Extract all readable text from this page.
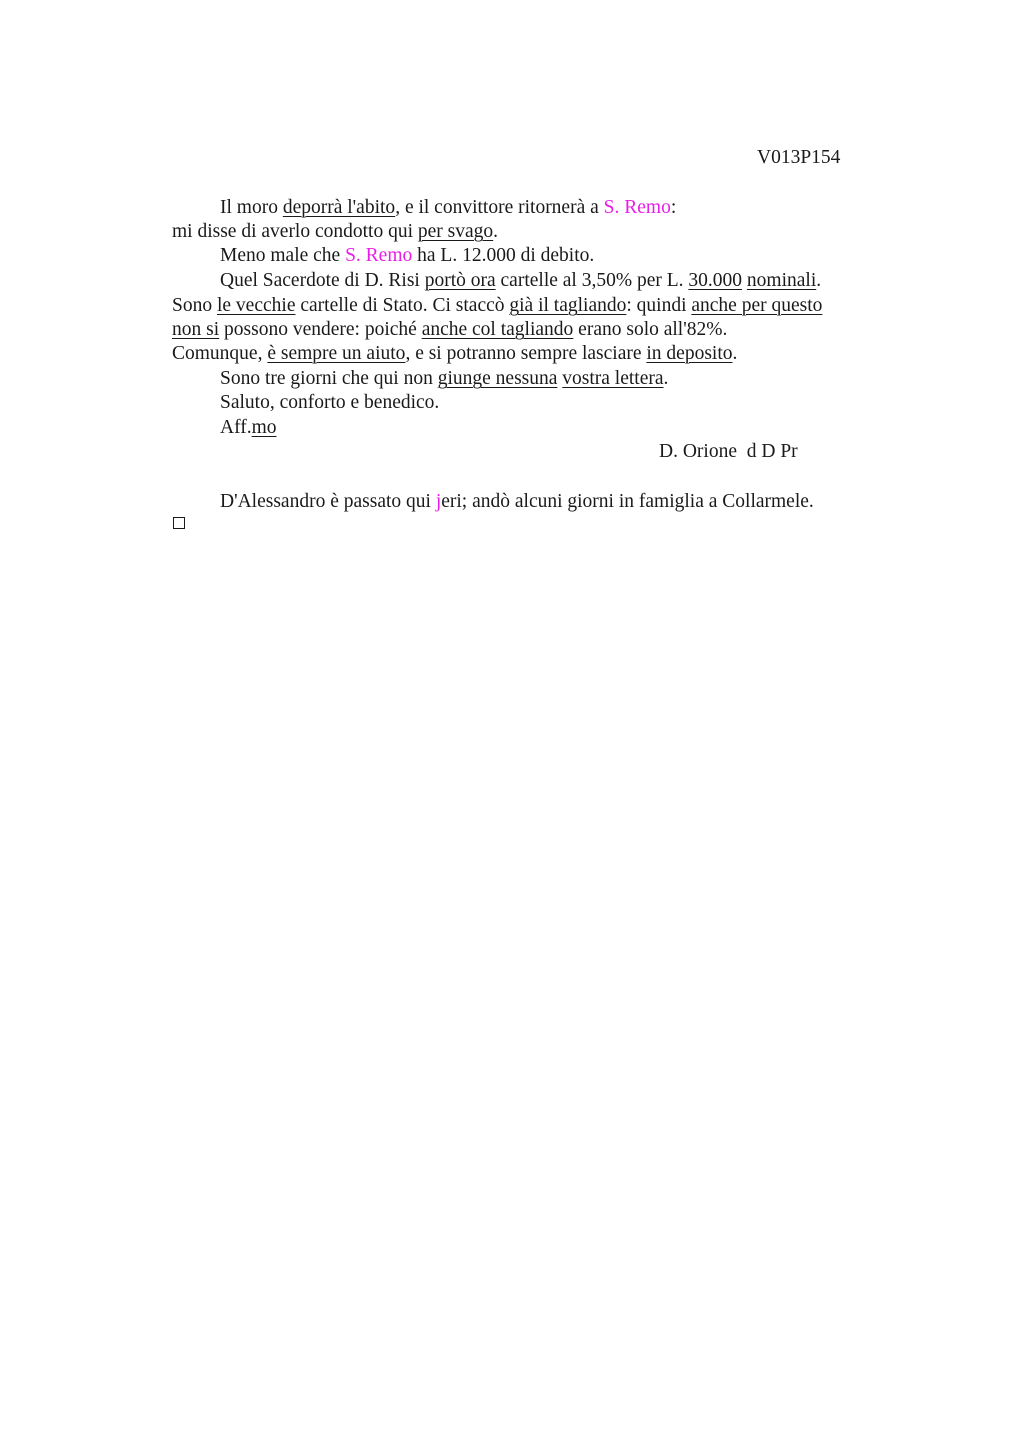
V013P154
Il moro deporrà l'abito, e il convittore ritornerà a S. Remo:
mi disse di averlo condotto qui per svago.
Meno male che S. Remo ha L. 12.000 di debito.
Quel Sacerdote di D. Risi portò ora cartelle al 3,50% per L. 30.000 nominali.
Sono le vecchie cartelle di Stato. Ci staccò già il tagliando: quindi anche per questo
non si possono vendere: poiché anche col tagliando erano solo all'82%.
Comunque, è sempre un aiuto, e si potranno sempre lasciare in deposito.
Sono tre giorni che qui non giunge nessuna vostra lettera.
Saluto, conforto e benedico.
Aff.mo
D. Orione  d D Pr
D'Alessandro è passato qui jeri; andò alcuni giorni in famiglia a Collarmele.
